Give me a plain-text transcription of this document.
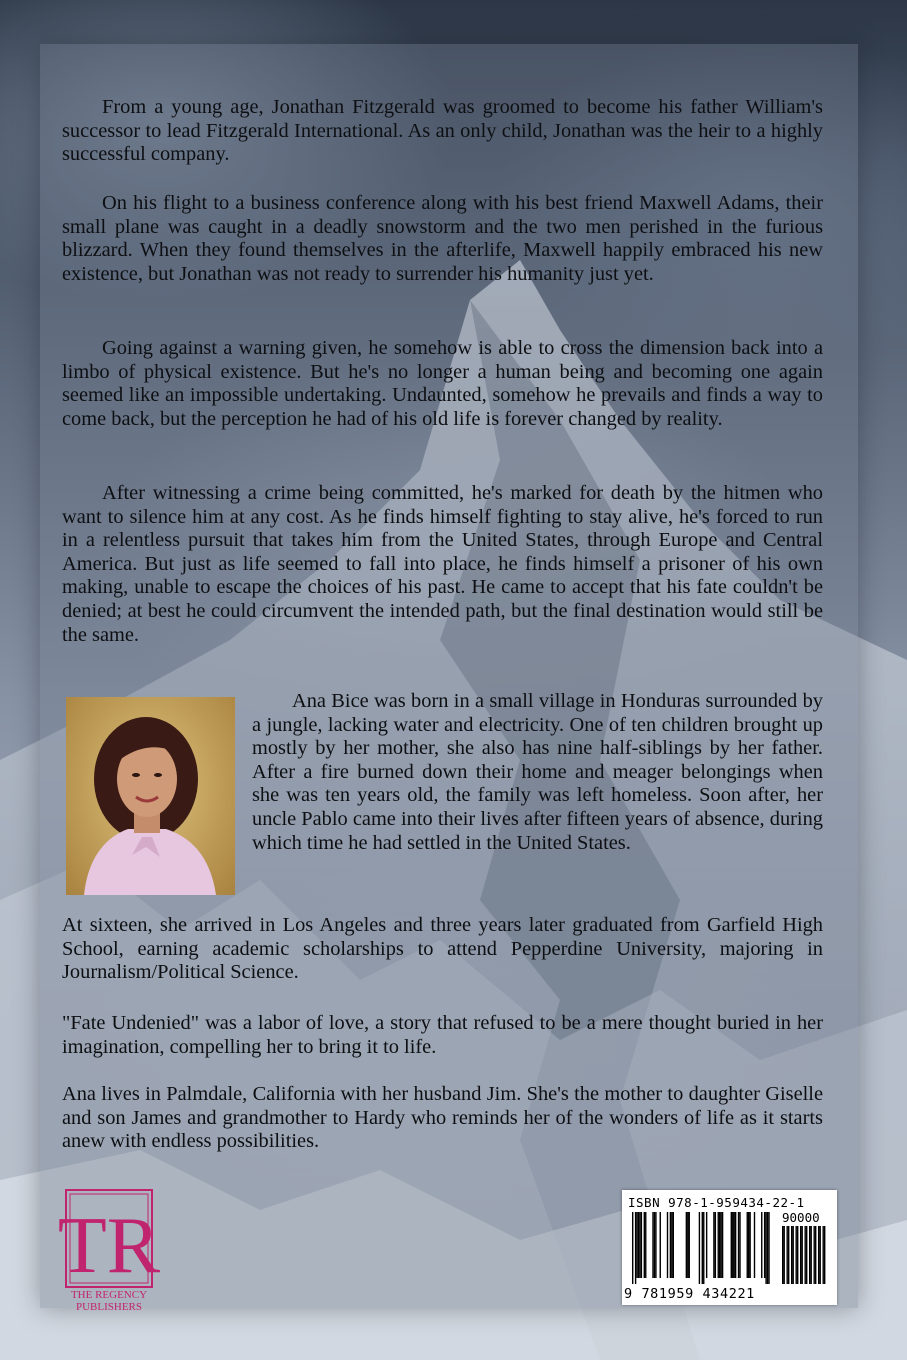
From a young age, Jonathan Fitzgerald was groomed to become his father William's successor to lead Fitzgerald International. As an only child, Jonathan was the heir to a highly successful company.

On his flight to a business conference along with his best friend Maxwell Adams, their small plane was caught in a deadly snowstorm and the two men perished in the furious blizzard. When they found themselves in the afterlife, Maxwell happily embraced his new existence, but Jonathan was not ready to surrender his humanity just yet.

Going against a warning given, he somehow is able to cross the dimension back into a limbo of physical existence. But he's no longer a human being and becoming one again seemed like an impossible undertaking. Undaunted, somehow he prevails and finds a way to come back, but the perception he had of his old life is forever changed by reality.

After witnessing a crime being committed, he's marked for death by the hitmen who want to silence him at any cost. As he finds himself fighting to stay alive, he's forced to run in a relentless pursuit that takes him from the United States, through Europe and Central America. But just as life seemed to fall into place, he finds himself a prisoner of his own making, unable to escape the choices of his past. He came to accept that his fate couldn't be denied; at best he could circumvent the intended path, but the final destination would still be the same.

Ana Bice was born in a small village in Honduras surrounded by a jungle, lacking water and electricity. One of ten children brought up mostly by her mother, she also has nine half-siblings by her father. After a fire burned down their home and meager belongings when she was ten years old, the family was left homeless. Soon after, her uncle Pablo came into their lives after fifteen years of absence, during which time he had settled in the United States.

At sixteen, she arrived in Los Angeles and three years later graduated from Garfield High School, earning academic scholarships to attend Pepperdine University, majoring in Journalism/Political Science.

"Fate Undenied" was a labor of love, a story that refused to be a mere thought buried in her imagination, compelling her to bring it to life.

Ana lives in Palmdale, California with her husband Jim. She's the mother to daughter Giselle and son James and grandmother to Hardy who reminds her of the wonders of life as it starts anew with endless possibilities.

TR
THE REGENCY
PUBLISHERS

ISBN 978-1-959434-22-1

90000

9 781959 434221
